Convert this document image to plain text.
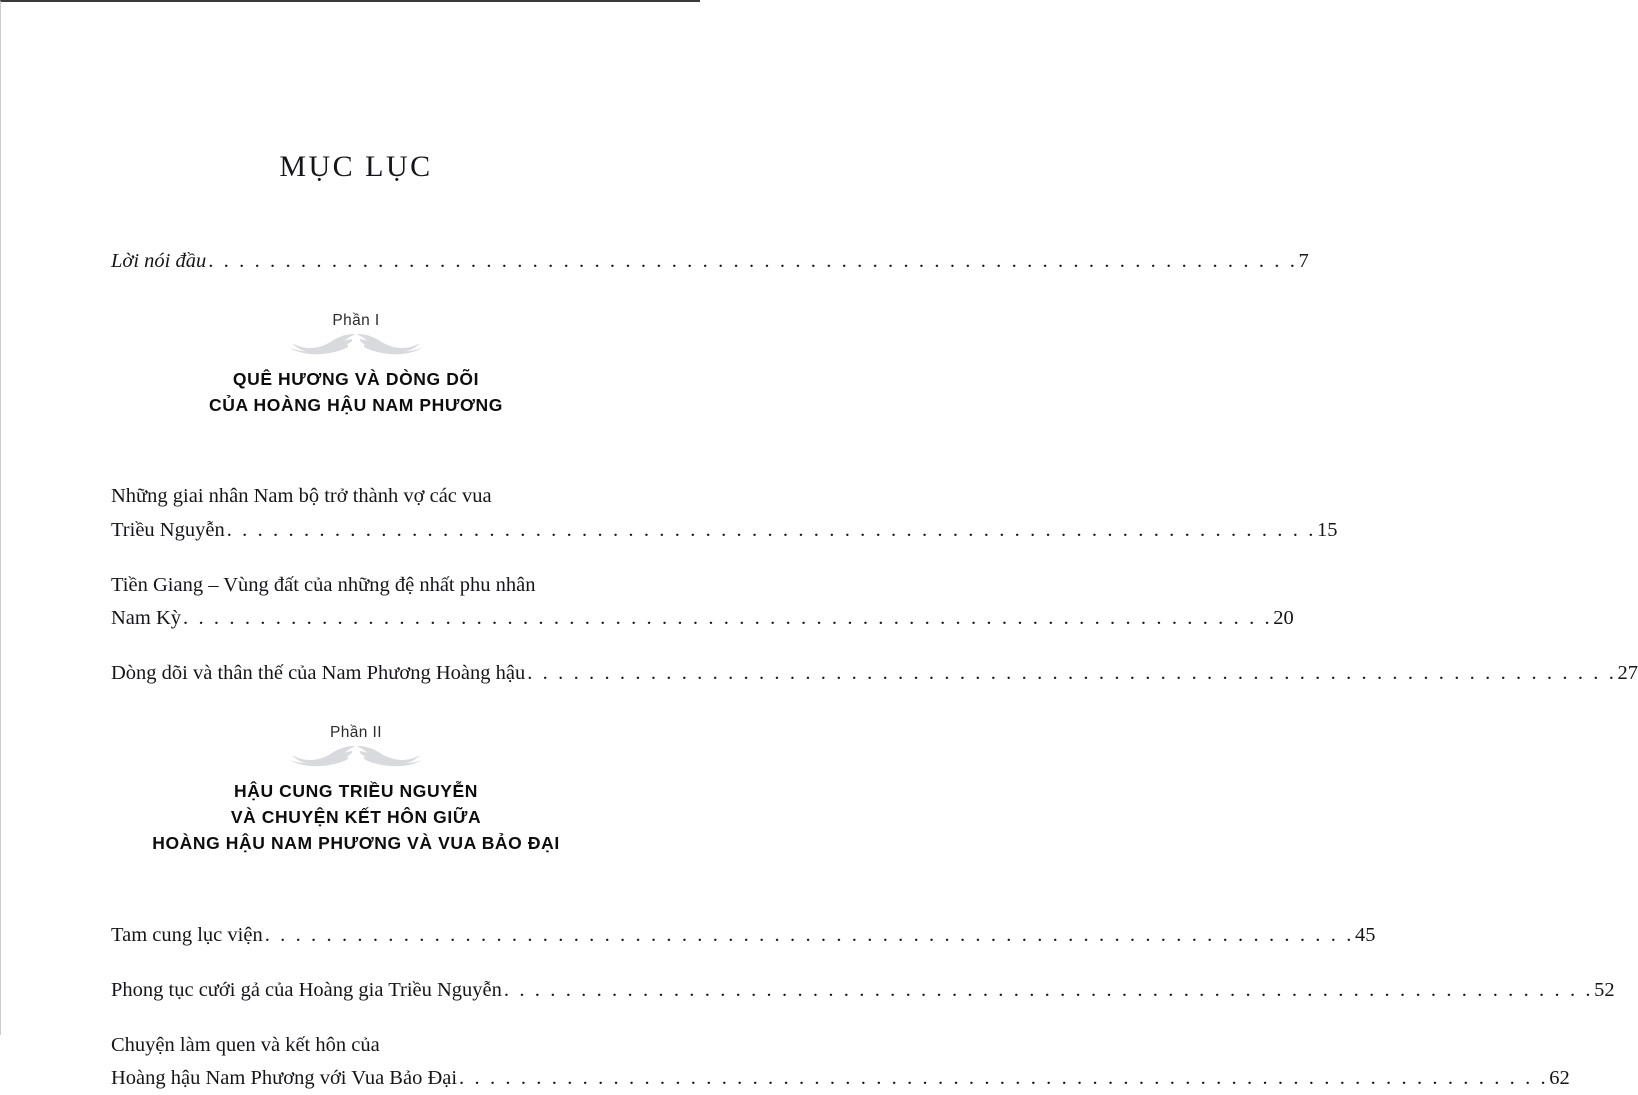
MỤC LỤC
Lời nói đầu . . .	7
Phần I
QUÊ HƯƠNG VÀ DÒNG DÕI
CỦA HOÀNG HẬU NAM PHƯƠNG
Những giai nhân Nam bộ trở thành vợ các vua
Triều Nguyễn . . .	15
Tiền Giang – Vùng đất của những đệ nhất phu nhân
Nam Kỳ . . .	20
Dòng dõi và thân thế của Nam Phương Hoàng hậu . . .	27
Phần II
HẬU CUNG TRIỀU NGUYỄN
VÀ CHUYỆN KẾT HÔN GIỮA
HOÀNG HẬU NAM PHƯƠNG VÀ VUA BẢO ĐẠI
Tam cung lục viện . . .	45
Phong tục cưới gả của Hoàng gia Triều Nguyễn . . .	52
Chuyện làm quen và kết hôn của
Hoàng hậu Nam Phương với Vua Bảo Đại . . .	62
